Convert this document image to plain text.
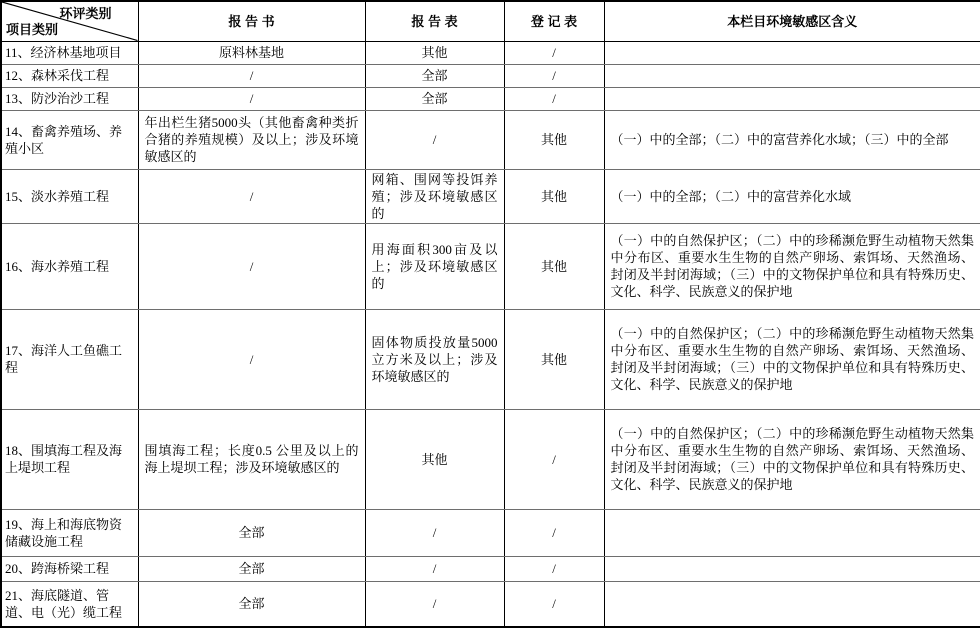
环评类别
项目类别	报 告 书	报 告 表	登 记 表	本栏目环境敏感区含义
11、经济林基地项目	原料林基地	其他	/	
12、森林采伐工程	/	全部	/	
13、防沙治沙工程	/	全部	/	
14、畜禽养殖场、养殖小区	年出栏生猪5000头（其他畜禽种类折合猪的养殖规模）及以上；涉及环境敏感区的	/	其他	（一）中的全部；（二）中的富营养化水域；（三）中的全部
15、淡水养殖工程	/	网箱、围网等投饵养殖；涉及环境敏感区的	其他	（一）中的全部；（二）中的富营养化水域
16、海水养殖工程	/	用海面积300亩及以上；涉及环境敏感区的	其他	（一）中的自然保护区；（二）中的珍稀濒危野生动植物天然集中分布区、重要水生生物的自然产卵场、索饵场、天然渔场、封闭及半封闭海域；（三）中的文物保护单位和具有特殊历史、文化、科学、民族意义的保护地
17、海洋人工鱼礁工程	/	固体物质投放量5000立方米及以上；涉及环境敏感区的	其他	（一）中的自然保护区；（二）中的珍稀濒危野生动植物天然集中分布区、重要水生生物的自然产卵场、索饵场、天然渔场、封闭及半封闭海域；（三）中的文物保护单位和具有特殊历史、文化、科学、民族意义的保护地
18、围填海工程及海上堤坝工程	围填海工程；长度0.5 公里及以上的海上堤坝工程；涉及环境敏感区的	其他	/	（一）中的自然保护区；（二）中的珍稀濒危野生动植物天然集中分布区、重要水生生物的自然产卵场、索饵场、天然渔场、封闭及半封闭海域；（三）中的文物保护单位和具有特殊历史、文化、科学、民族意义的保护地
19、海上和海底物资储藏设施工程	全部	/	/	
20、跨海桥梁工程	全部	/	/	
21、海底隧道、管道、电（光）缆工程	全部	/	/	
